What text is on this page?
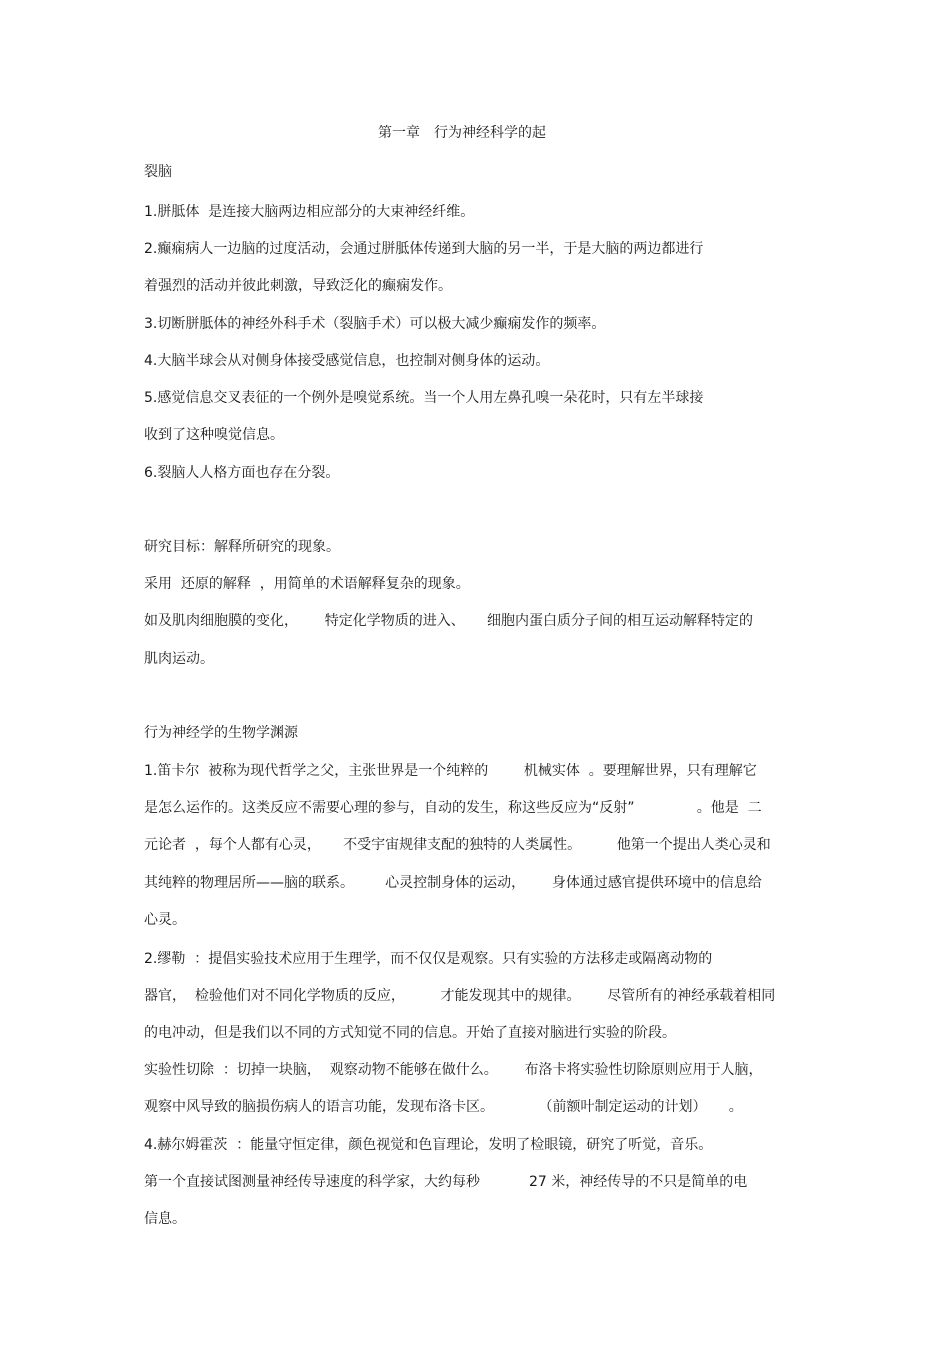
第一章　行为神经科学的起

裂脑

1.胼胝体  是连接大脑两边相应部分的大束神经纤维。

2.癫痫病人一边脑的过度活动，会通过胼胝体传递到大脑的另一半，于是大脑的两边都进行

着强烈的活动并彼此刺激，导致泛化的癫痫发作。

3.切断胼胝体的神经外科手术（裂脑手术）可以极大减少癫痫发作的频率。

4.大脑半球会从对侧身体接受感觉信息，也控制对侧身体的运动。

5.感觉信息交叉表征的一个例外是嗅觉系统。当一个人用左鼻孔嗅一朵花时，只有左半球接

收到了这种嗅觉信息。

6.裂脑人人格方面也存在分裂。

研究目标：解释所研究的现象。

采用  还原的解释  ，用简单的术语解释复杂的现象。

如及肌肉细胞膜的变化，      特定化学物质的进入、     细胞内蛋白质分子间的相互运动解释特定的

肌肉运动。

行为神经学的生物学渊源

1.笛卡尔  被称为现代哲学之父，主张世界是一个纯粹的        机械实体  。要理解世界，只有理解它

是怎么运作的。这类反应不需要心理的参与，自动的发生，称这些反应为“反射”              。他是  二

元论者  ，每个人都有心灵，     不受宇宙规律支配的独特的人类属性。        他第一个提出人类心灵和

其纯粹的物理居所——脑的联系。       心灵控制身体的运动，      身体通过感官提供环境中的信息给

心灵。

2.缪勒  ：提倡实验技术应用于生理学，而不仅仅是观察。只有实验的方法移走或隔离动物的

器官，  检验他们对不同化学物质的反应，        才能发现其中的规律。      尽管所有的神经承载着相同

的电冲动，但是我们以不同的方式知觉不同的信息。开始了直接对脑进行实验的阶段。

实验性切除  ：切掉一块脑，  观察动物不能够在做什么。      布洛卡将实验性切除原则应用于人脑，

观察中风导致的脑损伤病人的语言功能，发现布洛卡区。          （前额叶制定运动的计划）     。

4.赫尔姆霍茨  ：能量守恒定律，颜色视觉和色盲理论，发明了检眼镜，研究了听觉，音乐。

第一个直接试图测量神经传导速度的科学家，大约每秒           27 米，神经传导的不只是简单的电

信息。
